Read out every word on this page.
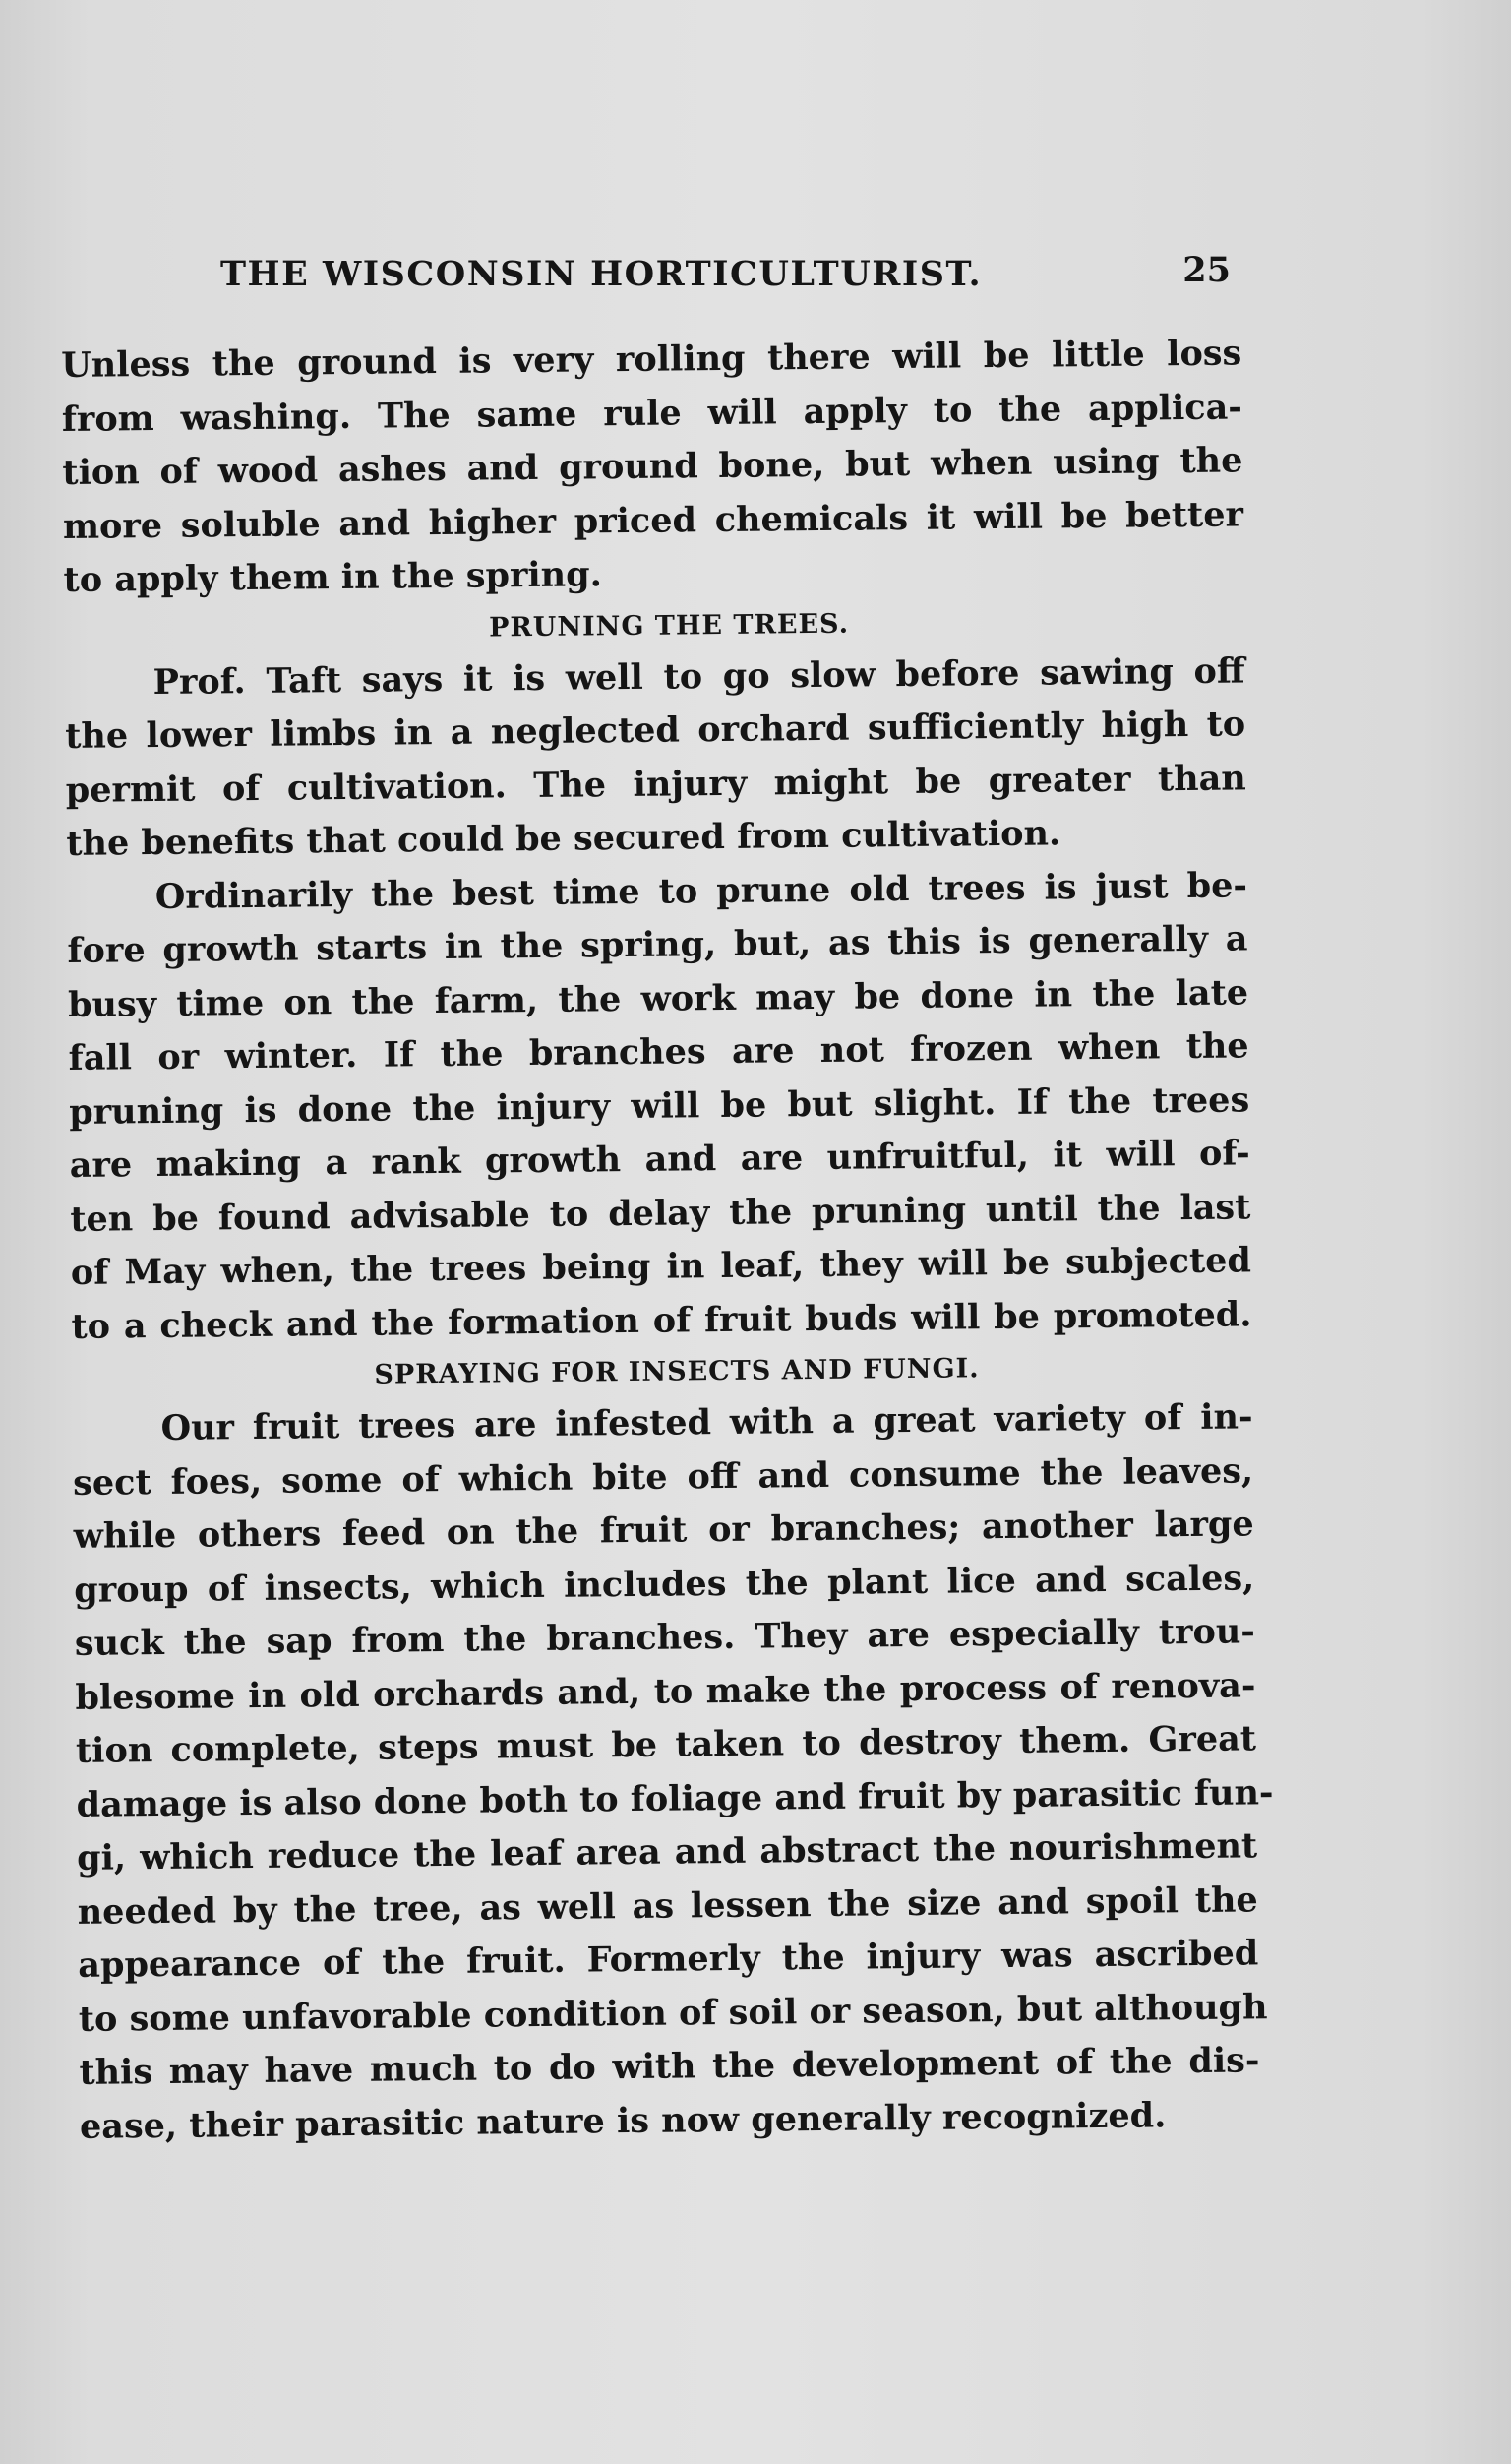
THE WISCONSIN HORTICULTURIST.	25
Unless the ground is very rolling there will be little loss
from washing. The same rule will apply to the applica-
tion of wood ashes and ground bone, but when using the
more soluble and higher priced chemicals it will be better
to apply them in the spring.
PRUNING THE TREES.
Prof. Taft says it is well to go slow before sawing off
the lower limbs in a neglected orchard sufficiently high to
permit of cultivation. The injury might be greater than
the benefits that could be secured from cultivation.
Ordinarily the best time to prune old trees is just be-
fore growth starts in the spring, but, as this is generally a
busy time on the farm, the work may be done in the late
fall or winter. If the branches are not frozen when the
pruning is done the injury will be but slight. If the trees
are making a rank growth and are unfruitful, it will of-
ten be found advisable to delay the pruning until the last
of May when, the trees being in leaf, they will be subjected
to a check and the formation of fruit buds will be promoted.
SPRAYING FOR INSECTS AND FUNGI.
Our fruit trees are infested with a great variety of in-
sect foes, some of which bite off and consume the leaves,
while others feed on the fruit or branches; another large
group of insects, which includes the plant lice and scales,
suck the sap from the branches. They are especially trou-
blesome in old orchards and, to make the process of renova-
tion complete, steps must be taken to destroy them. Great
damage is also done both to foliage and fruit by parasitic fun-
gi, which reduce the leaf area and abstract the nourishment
needed by the tree, as well as lessen the size and spoil the
appearance of the fruit. Formerly the injury was ascribed
to some unfavorable condition of soil or season, but although
this may have much to do with the development of the dis-
ease, their parasitic nature is now generally recognized.
